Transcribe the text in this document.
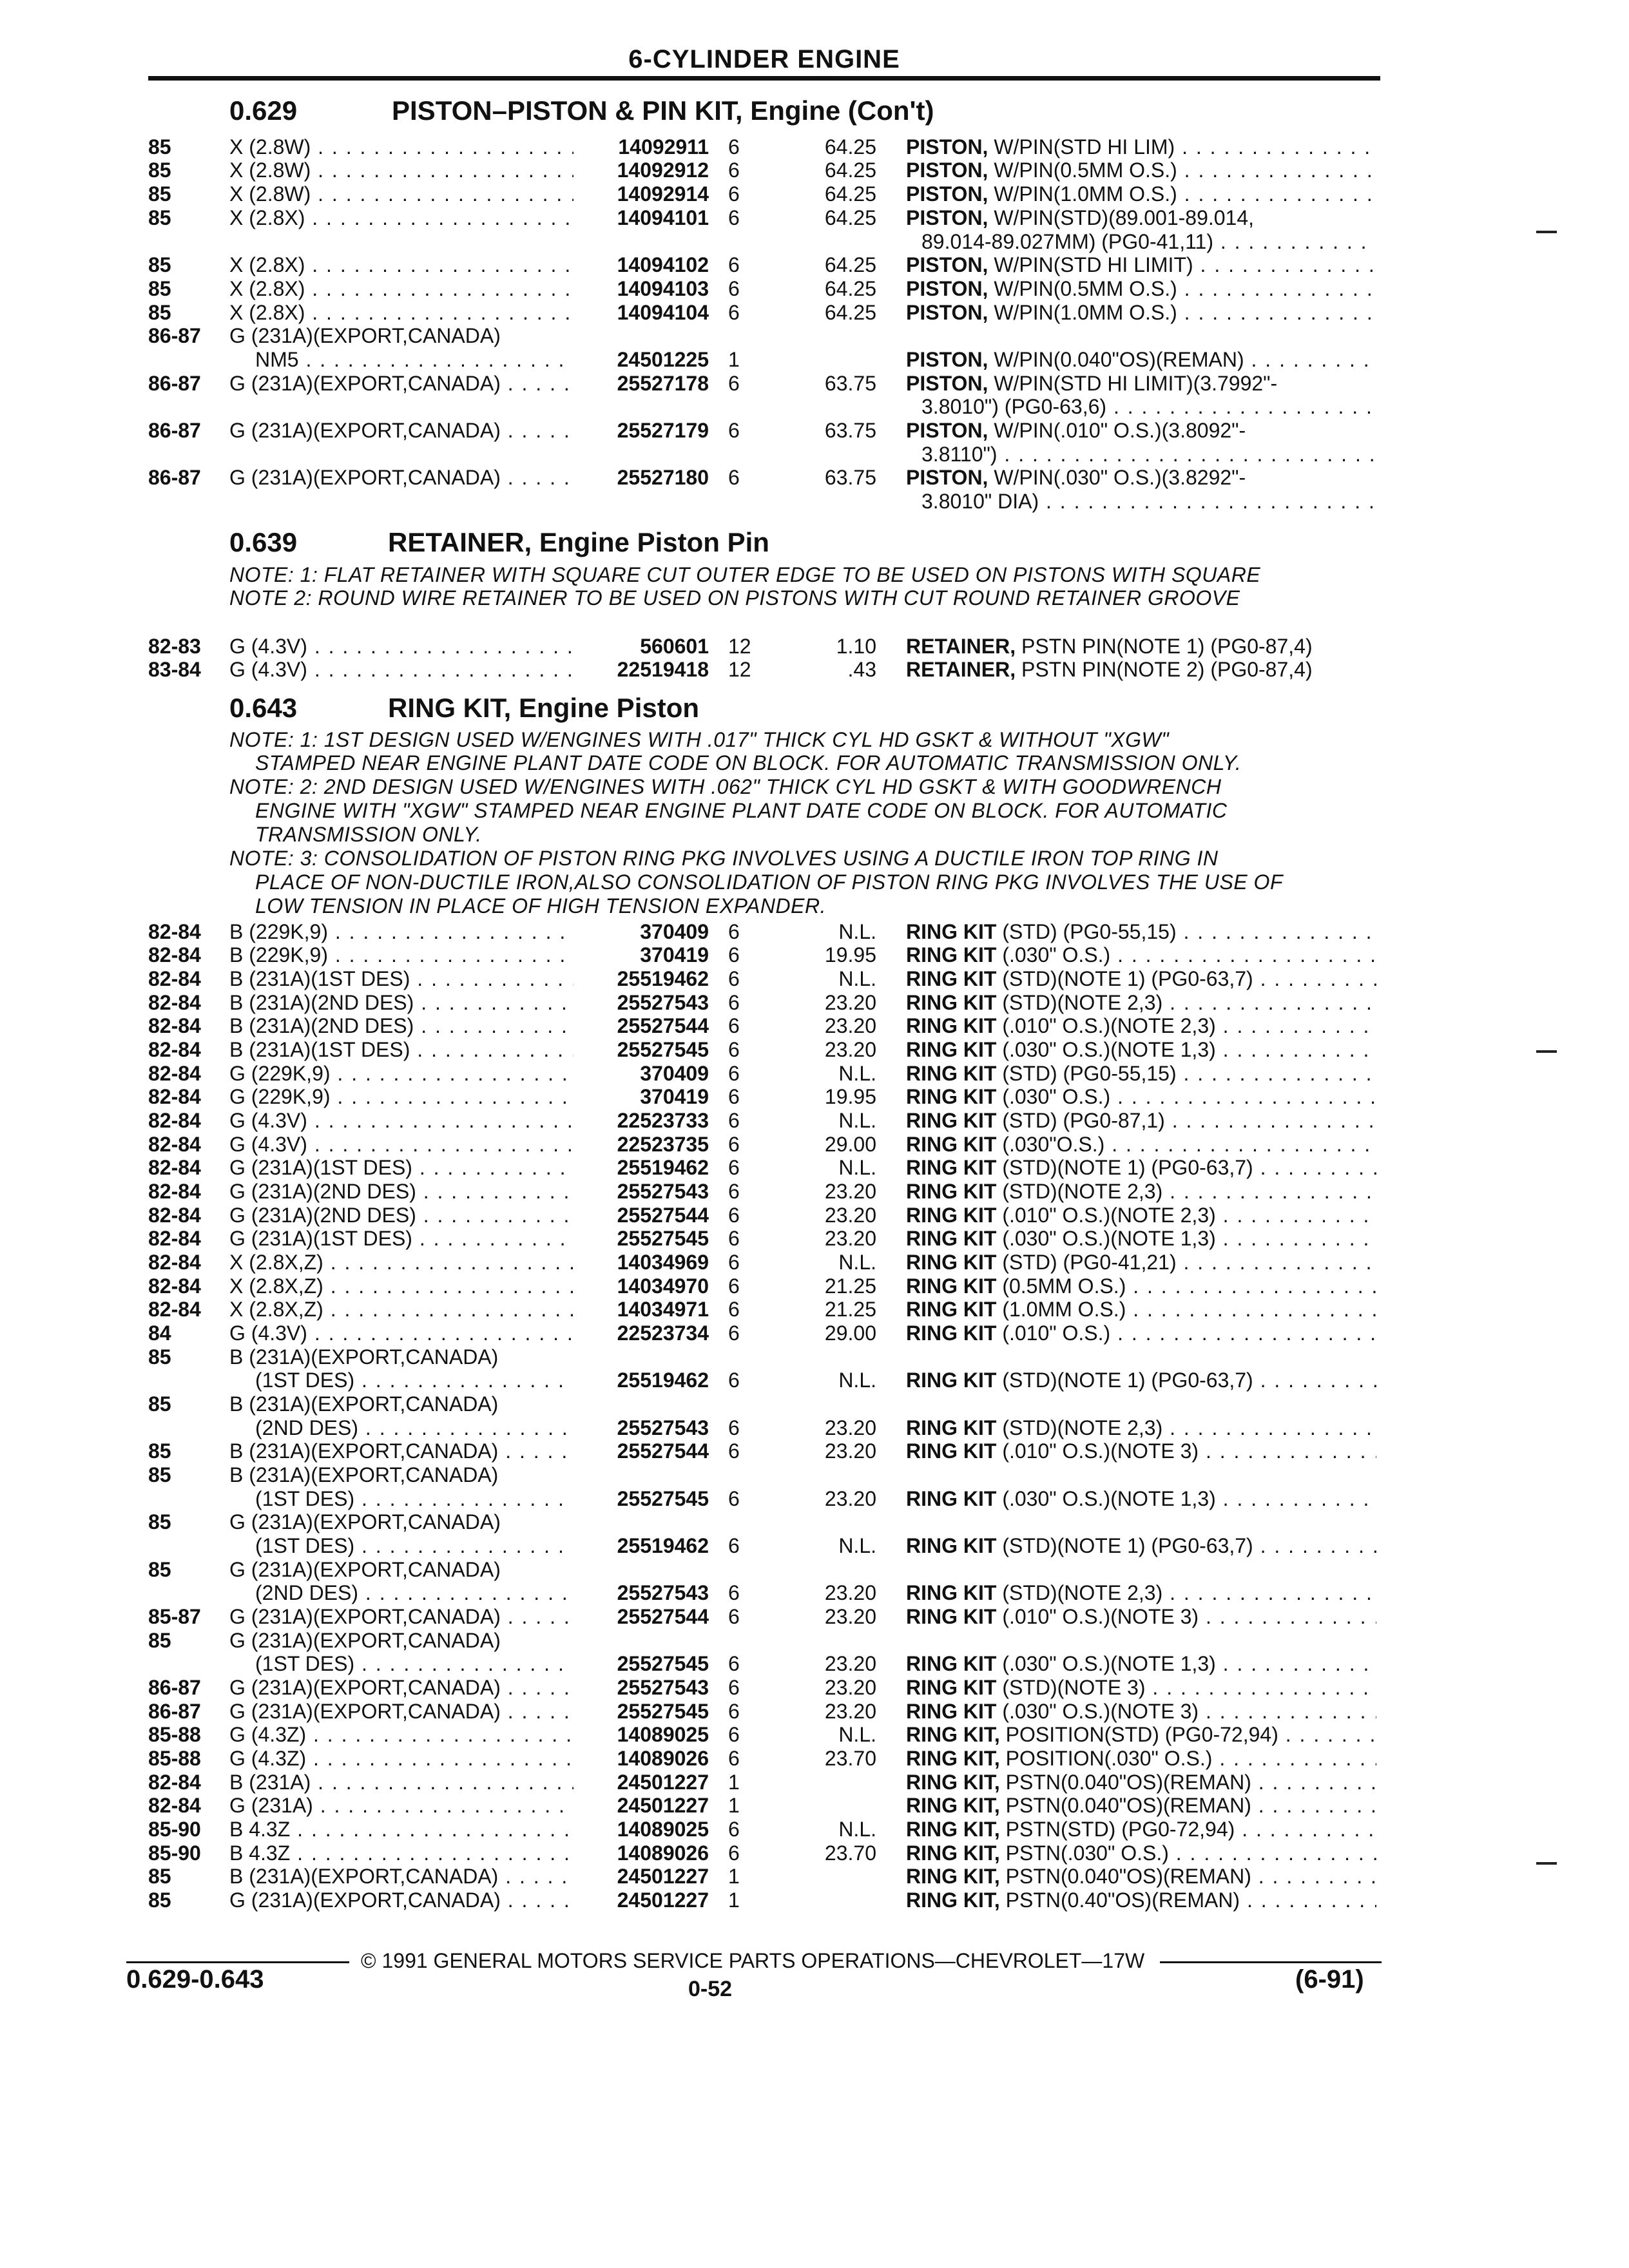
6-CYLINDER ENGINE
0.629	PISTON–PISTON & PIN KIT, Engine (Con't)
0.639	RETAINER, Engine Piston Pin
0.643	RING KIT, Engine Piston
NOTE: 1: FLAT RETAINER WITH SQUARE CUT OUTER EDGE TO BE USED ON PISTONS WITH SQUARE
NOTE 2: ROUND WIRE RETAINER TO BE USED ON PISTONS WITH CUT ROUND RETAINER GROOVE
NOTE: 1: 1ST DESIGN USED W/ENGINES WITH .017" THICK CYL HD GSKT & WITHOUT "XGW"
STAMPED NEAR ENGINE PLANT DATE CODE ON BLOCK. FOR AUTOMATIC TRANSMISSION ONLY.
NOTE: 2: 2ND DESIGN USED W/ENGINES WITH .062" THICK CYL HD GSKT & WITH GOODWRENCH
ENGINE WITH "XGW" STAMPED NEAR ENGINE PLANT DATE CODE ON BLOCK. FOR AUTOMATIC
TRANSMISSION ONLY.
NOTE: 3: CONSOLIDATION OF PISTON RING PKG INVOLVES USING A DUCTILE IRON TOP RING IN
PLACE OF NON-DUCTILE IRON,ALSO CONSOLIDATION OF PISTON RING PKG INVOLVES THE USE OF
LOW TENSION IN PLACE OF HIGH TENSION EXPANDER.
85	X (2.8W) . . .	14092911 6	64.25 PISTON, W/PIN(STD HI LIM) . . .
85	X (2.8W) . . .	14092912 6	64.25 PISTON, W/PIN(0.5MM O.S.) . . .
85	X (2.8W) . . .	14092914 6	64.25 PISTON, W/PIN(1.0MM O.S.) . . .
85	X (2.8X) . . .	14094101 6	64.25 PISTON, W/PIN(STD)(89.001-89.014,
89.014-89.027MM) (PG0-41,11) . . .
85	X (2.8X) . . .	14094102 6	64.25 PISTON, W/PIN(STD HI LIMIT) . . .
85	X (2.8X) . . .	14094103 6	64.25 PISTON, W/PIN(0.5MM O.S.) . . .
85	X (2.8X) . . .	14094104 6	64.25 PISTON, W/PIN(1.0MM O.S.) . . .
86-87 G (231A)(EXPORT,CANADA)
NM5 . . .	24501225 1	PISTON, W/PIN(0.040"OS)(REMAN) . . .
86-87 G (231A)(EXPORT,CANADA) . . .	25527178 6	63.75 PISTON, W/PIN(STD HI LIMIT)(3.7992"-
3.8010") (PG0-63,6) . . .
86-87 G (231A)(EXPORT,CANADA) . . .	25527179 6	63.75 PISTON, W/PIN(.010" O.S.)(3.8092"-
3.8110") . . .
86-87 G (231A)(EXPORT,CANADA) . . .	25527180 6	63.75 PISTON, W/PIN(.030" O.S.)(3.8292"-
3.8010" DIA) . . .
82-83 G (4.3V) . . .	560601 12	1.10 RETAINER, PSTN PIN(NOTE 1) (PG0-87,4)
83-84 G (4.3V) . . .	22519418 12	.43 RETAINER, PSTN PIN(NOTE 2) (PG0-87,4)
82-84 B (229K,9) . . .	370409 6	N.L. RING KIT (STD) (PG0-55,15) . . .
82-84 B (229K,9) . . .	370419 6	19.95 RING KIT (.030" O.S.) . . .
82-84 B (231A)(1ST DES) . . .	25519462 6	N.L. RING KIT (STD)(NOTE 1) (PG0-63,7) . . .
82-84 B (231A)(2ND DES) . . .	25527543 6	23.20 RING KIT (STD)(NOTE 2,3) . . .
82-84 B (231A)(2ND DES) . . .	25527544 6	23.20 RING KIT (.010" O.S.)(NOTE 2,3) . . .
82-84 B (231A)(1ST DES) . . .	25527545 6	23.20 RING KIT (.030" O.S.)(NOTE 1,3) . . .
82-84 G (229K,9) . . .	370409 6	N.L. RING KIT (STD) (PG0-55,15) . . .
82-84 G (229K,9) . . .	370419 6	19.95 RING KIT (.030" O.S.) . . .
82-84 G (4.3V) . . .	22523733 6	N.L. RING KIT (STD) (PG0-87,1) . . .
82-84 G (4.3V) . . .	22523735 6	29.00 RING KIT (.030"O.S.) . . .
82-84 G (231A)(1ST DES) . . .	25519462 6	N.L. RING KIT (STD)(NOTE 1) (PG0-63,7) . . .
82-84 G (231A)(2ND DES) . . .	25527543 6	23.20 RING KIT (STD)(NOTE 2,3) . . .
82-84 G (231A)(2ND DES) . . .	25527544 6	23.20 RING KIT (.010" O.S.)(NOTE 2,3) . . .
82-84 G (231A)(1ST DES) . . .	25527545 6	23.20 RING KIT (.030" O.S.)(NOTE 1,3) . . .
82-84 X (2.8X,Z) . . .	14034969 6	N.L. RING KIT (STD) (PG0-41,21) . . .
82-84 X (2.8X,Z) . . .	14034970 6	21.25 RING KIT (0.5MM O.S.) . . .
82-84 X (2.8X,Z) . . .	14034971 6	21.25 RING KIT (1.0MM O.S.) . . .
84	G (4.3V) . . .	22523734 6	29.00 RING KIT (.010" O.S.) . . .
85	B (231A)(EXPORT,CANADA)
(1ST DES) . . .	25519462 6	N.L. RING KIT (STD)(NOTE 1) (PG0-63,7) . . .
85	B (231A)(EXPORT,CANADA)
(2ND DES) . . .	25527543 6	23.20 RING KIT (STD)(NOTE 2,3) . . .
85	B (231A)(EXPORT,CANADA) . . .	25527544 6	23.20 RING KIT (.010" O.S.)(NOTE 3) . . .
85	B (231A)(EXPORT,CANADA)
(1ST DES) . . .	25527545 6	23.20 RING KIT (.030" O.S.)(NOTE 1,3) . . .
85	G (231A)(EXPORT,CANADA)
(1ST DES) . . .	25519462 6	N.L. RING KIT (STD)(NOTE 1) (PG0-63,7) . . .
85	G (231A)(EXPORT,CANADA)
(2ND DES) . . .	25527543 6	23.20 RING KIT (STD)(NOTE 2,3) . . .
85-87 G (231A)(EXPORT,CANADA) . . .	25527544 6	23.20 RING KIT (.010" O.S.)(NOTE 3) . . .
85	G (231A)(EXPORT,CANADA)
(1ST DES) . . .	25527545 6	23.20 RING KIT (.030" O.S.)(NOTE 1,3) . . .
86-87 G (231A)(EXPORT,CANADA) . . .	25527543 6	23.20 RING KIT (STD)(NOTE 3) . . .
86-87 G (231A)(EXPORT,CANADA) . . .	25527545 6	23.20 RING KIT (.030" O.S.)(NOTE 3) . . .
85-88 G (4.3Z) . . .	14089025 6	N.L. RING KIT, POSITION(STD) (PG0-72,94) . . .
85-88 G (4.3Z) . . .	14089026 6	23.70 RING KIT, POSITION(.030" O.S.) . . .
82-84 B (231A) . . .	24501227 1	RING KIT, PSTN(0.040"OS)(REMAN) . . .
82-84 G (231A) . . .	24501227 1	RING KIT, PSTN(0.040"OS)(REMAN) . . .
85-90 B 4.3Z . . .	14089025 6	N.L. RING KIT, PSTN(STD) (PG0-72,94) . . .
85-90 B 4.3Z . . .	14089026 6	23.70 RING KIT, PSTN(.030" O.S.) . . .
85	B (231A)(EXPORT,CANADA) . . .	24501227 1	RING KIT, PSTN(0.040"OS)(REMAN) . . .
85	G (231A)(EXPORT,CANADA) . . .	24501227 1	RING KIT, PSTN(0.40"OS)(REMAN) . . .
© 1991 GENERAL MOTORS SERVICE PARTS OPERATIONS—CHEVROLET—17W
0.629-0.643	0-52	(6-91)
